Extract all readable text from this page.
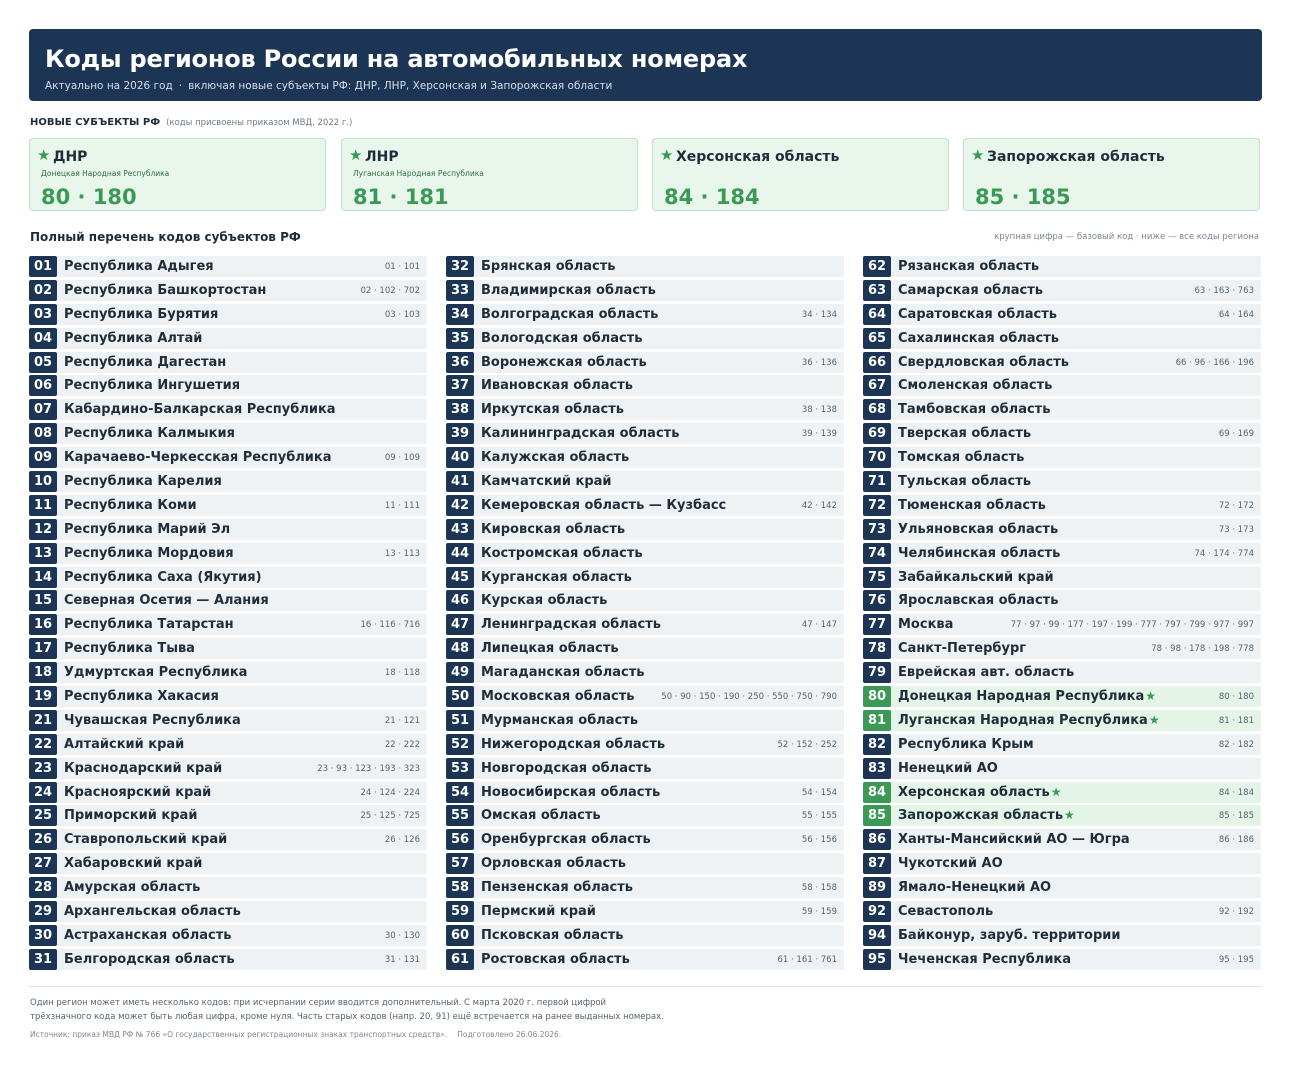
Коды регионов России на автомобильных номерах
Актуально на 2026 год · включая новые субъекты РФ: ДНР, ЛНР, Херсонская и Запорожская области
НОВЫЕ СУБЪЕКТЫ РФ (коды присвоены приказом МВД, 2022 г.)
★ ДНР
Донецкая Народная Республика
80 · 180
★ ЛНР
Луганская Народная Республика
81 · 181
★ Херсонская область
84 · 184
★ Запорожская область
85 · 185
Полный перечень кодов субъектов РФ	крупная цифра — базовый код · ниже — все коды региона
01 Республика Адыгея	01 · 101
02 Республика Башкортостан	02 · 102 · 702
03 Республика Бурятия	03 · 103
04 Республика Алтай
05 Республика Дагестан
06 Республика Ингушетия
07 Кабардино-Балкарская Республика
08 Республика Калмыкия
09 Карачаево-Черкесская Республика	09 · 109
10 Республика Карелия
11 Республика Коми	11 · 111
12 Республика Марий Эл
13 Республика Мордовия	13 · 113
14 Республика Саха (Якутия)
15 Северная Осетия — Алания
16 Республика Татарстан	16 · 116 · 716
17 Республика Тыва
18 Удмуртская Республика	18 · 118
19 Республика Хакасия
21 Чувашская Республика	21 · 121
22 Алтайский край	22 · 222
23 Краснодарский край	23 · 93 · 123 · 193 · 323
24 Красноярский край	24 · 124 · 224
25 Приморский край	25 · 125 · 725
26 Ставропольский край	26 · 126
27 Хабаровский край
28 Амурская область
29 Архангельская область
30 Астраханская область	30 · 130
31 Белгородская область	31 · 131
32 Брянская область
33 Владимирская область
34 Волгоградская область	34 · 134
35 Вологодская область
36 Воронежская область	36 · 136
37 Ивановская область
38 Иркутская область	38 · 138
39 Калининградская область	39 · 139
40 Калужская область
41 Камчатский край
42 Кемеровская область — Кузбасс	42 · 142
43 Кировская область
44 Костромская область
45 Курганская область
46 Курская область
47 Ленинградская область	47 · 147
48 Липецкая область
49 Магаданская область
50 Московская область	50 · 90 · 150 · 190 · 250 · 550 · 750 · 790
51 Мурманская область
52 Нижегородская область	52 · 152 · 252
53 Новгородская область
54 Новосибирская область	54 · 154
55 Омская область	55 · 155
56 Оренбургская область	56 · 156
57 Орловская область
58 Пензенская область	58 · 158
59 Пермский край	59 · 159
60 Псковская область
61 Ростовская область	61 · 161 · 761
62 Рязанская область
63 Самарская область	63 · 163 · 763
64 Саратовская область	64 · 164
65 Сахалинская область
66 Свердловская область	66 · 96 · 166 · 196
67 Смоленская область
68 Тамбовская область
69 Тверская область	69 · 169
70 Томская область
71 Тульская область
72 Тюменская область	72 · 172
73 Ульяновская область	73 · 173
74 Челябинская область	74 · 174 · 774
75 Забайкальский край
76 Ярославская область
77 Москва	77 · 97 · 99 · 177 · 197 · 199 · 777 · 797 · 799 · 977 · 997
78 Санкт-Петербург	78 · 98 · 178 · 198 · 778
79 Еврейская авт. область
80 Донецкая Народная Республика★	80 · 180
81 Луганская Народная Республика★	81 · 181
82 Республика Крым	82 · 182
83 Ненецкий АО
84 Херсонская область★	84 · 184
85 Запорожская область★	85 · 185
86 Ханты-Мансийский АО — Югра	86 · 186
87 Чукотский АО
89 Ямало-Ненецкий АО
92 Севастополь	92 · 192
94 Байконур, заруб. территории
95 Чеченская Республика	95 · 195
Один регион может иметь несколько кодов: при исчерпании серии вводится дополнительный. С марта 2020 г. первой цифрой трёхзначного кода может быть любая цифра, кроме нуля. Часть старых кодов (напр. 20, 91) ещё встречается на ранее выданных номерах.
Источник: приказ МВД РФ № 766 «О государственных регистрационных знаках транспортных средств». Подготовлено 26.06.2026.
